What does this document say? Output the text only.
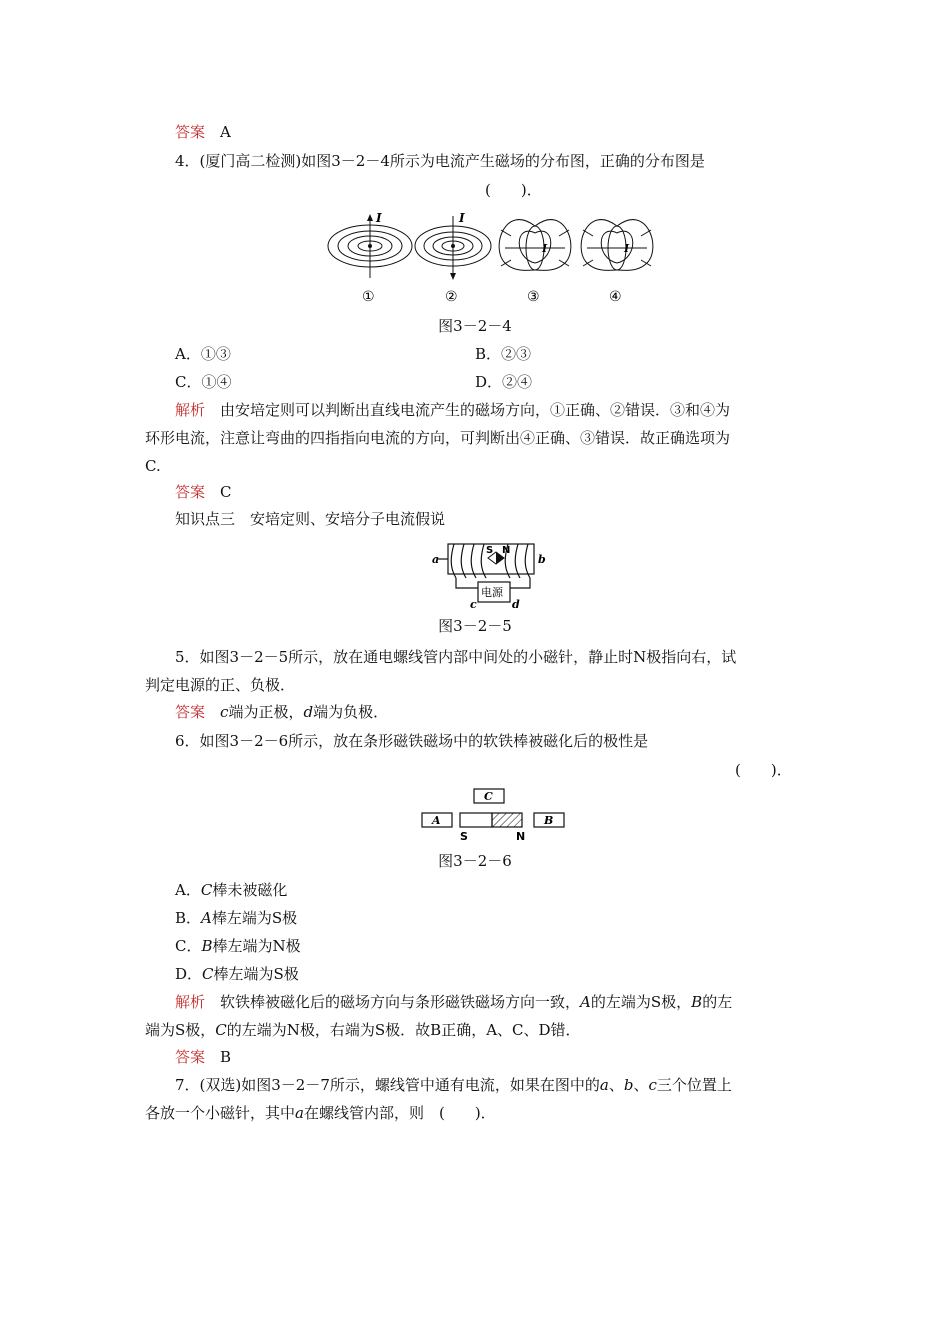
答案　 A
4．(厦门高二检测)如图3－2－4所示为电流产生磁场的分布图，正确的分布图是
(　　)．
I	I
I	I
①	②	③	④
图3－2－4
A．①③	B．②③
C．①④	D．②④
解析　 由安培定则可以判断出直线电流产生的磁场方向，①正确、②错误．③和④为
环形电流，注意让弯曲的四指指向电流的方向，可判断出④正确、③错误．故正确选项为
C.
答案　 C
知识点三　安培定则、安培分子电流假说
a	b
c	d
S N
电源
图3－2－5
5．如图3－2－5所示，放在通电螺线管内部中间处的小磁针，静止时N极指向右，试
判定电源的正、负极．
答案　 c端为正极，d端为负极．
6．如图3－2－6所示，放在条形磁铁磁场中的软铁棒被磁化后的极性是
(　　)．
C
A	B
S	N
图3－2－6
A．C棒未被磁化
B．A棒左端为S极
C．B棒左端为N极
D．C棒左端为S极
解析　 软铁棒被磁化后的磁场方向与条形磁铁磁场方向一致，A的左端为S极，B的左
端为S极，C的左端为N极，右端为S极．故B正确，A、C、D错．
答案　 B
7．(双选)如图3－2－7所示，螺线管中通有电流，如果在图中的a、b、c三个位置上
各放一个小磁针，其中a在螺线管内部，则　(　　)．
